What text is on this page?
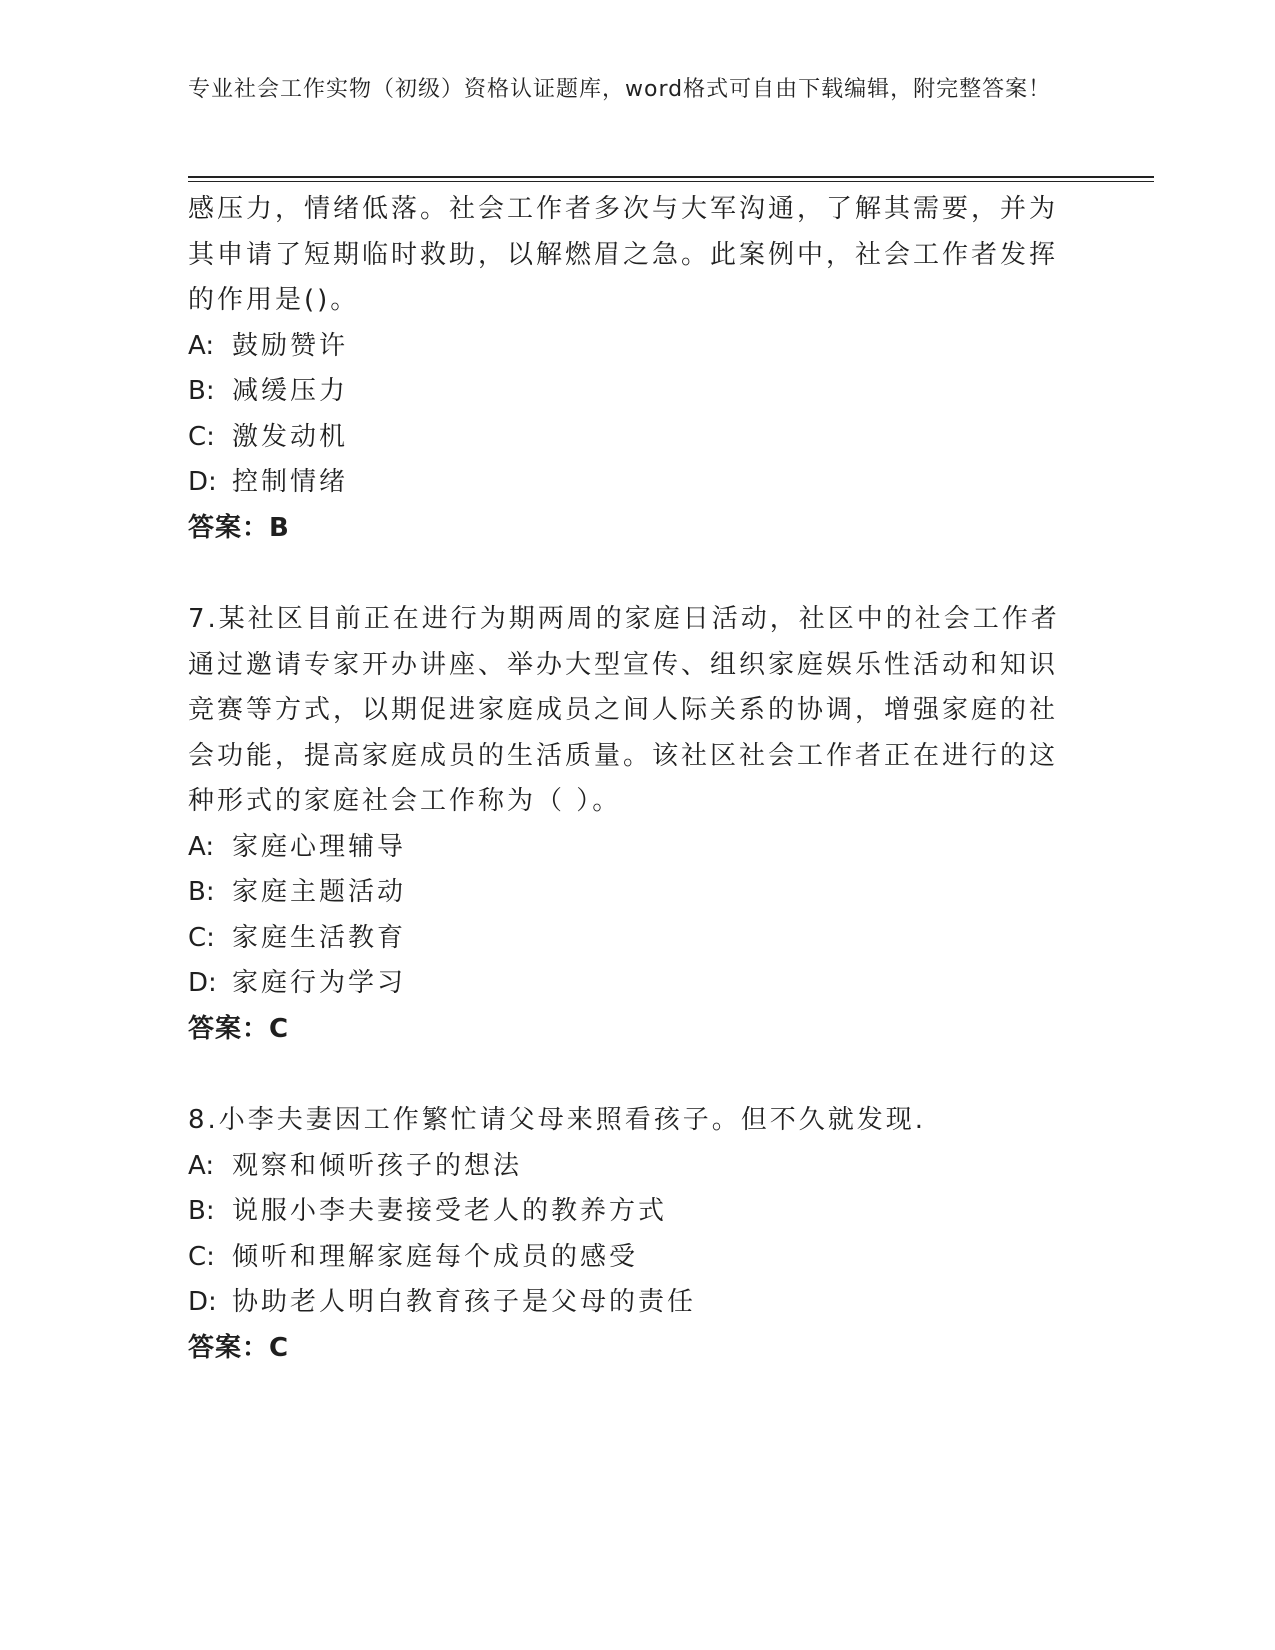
专业社会工作实物（初级）资格认证题库，word格式可自由下载编辑，附完整答案！

感压力，情绪低落。社会工作者多次与大军沟通，了解其需要，并为其申请了短期临时救助，以解燃眉之急。此案例中，社会工作者发挥的作用是()。

A: 鼓励赞许

B: 减缓压力

C: 激发动机

D: 控制情绪

答案：B

7.某社区目前正在进行为期两周的家庭日活动，社区中的社会工作者通过邀请专家开办讲座、举办大型宣传、组织家庭娱乐性活动和知识竞赛等方式，以期促进家庭成员之间人际关系的协调，增强家庭的社会功能，提高家庭成员的生活质量。该社区社会工作者正在进行的这种形式的家庭社会工作称为（ ）。

A: 家庭心理辅导

B: 家庭主题活动

C: 家庭生活教育

D: 家庭行为学习

答案：C

8.小李夫妻因工作繁忙请父母来照看孩子。但不久就发现.

A: 观察和倾听孩子的想法

B: 说服小李夫妻接受老人的教养方式

C: 倾听和理解家庭每个成员的感受

D: 协助老人明白教育孩子是父母的责任

答案：C
